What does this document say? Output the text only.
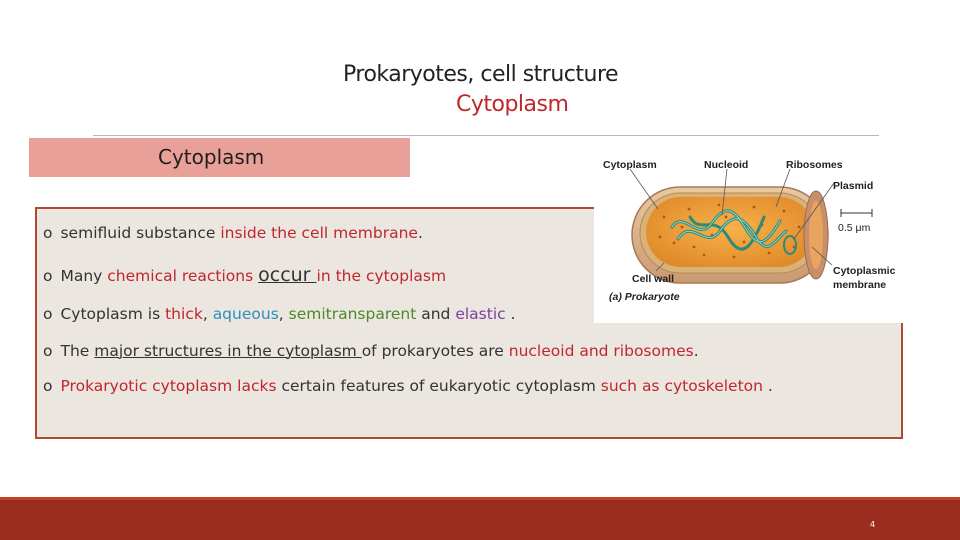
Prokaryotes, cell structure
Cytoplasm
Cytoplasm
o semifluid substance inside the cell membrane.
o Many chemical reactions occur in the cytoplasm
o Cytoplasm is thick, aqueous, semitransparent and elastic .
o The major structures in the cytoplasm of prokaryotes are nucleoid and ribosomes.
o Prokaryotic cytoplasm lacks certain features of eukaryotic cytoplasm such as cytoskeleton .
Cytoplasm	Nucleoid	Ribosomes
Plasmid
0.5 μm
Cell wall
Cytoplasmic
membrane
(a) Prokaryote
4
